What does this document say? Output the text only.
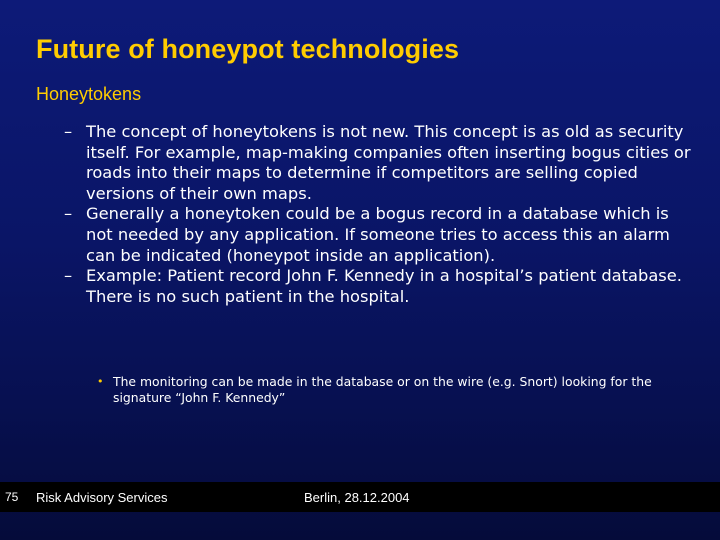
Future of honeypot technologies
Honeytokens
– The concept of honeytokens is not new. This concept is as old as security itself. For example, map-making companies often inserting bogus cities or roads into their maps to determine if competitors are selling copied versions of their own maps.
– Generally a honeytoken could be a bogus record in a database which is not needed by any application. If someone tries to access this an alarm can be indicated (honeypot inside an application).
– Example: Patient record John F. Kennedy in a hospital’s patient database. There is no such patient in the hospital.
• The monitoring can be made in the database or on the wire (e.g. Snort) looking for the signature “John F. Kennedy”
75 Risk Advisory Services	Berlin, 28.12.2004
